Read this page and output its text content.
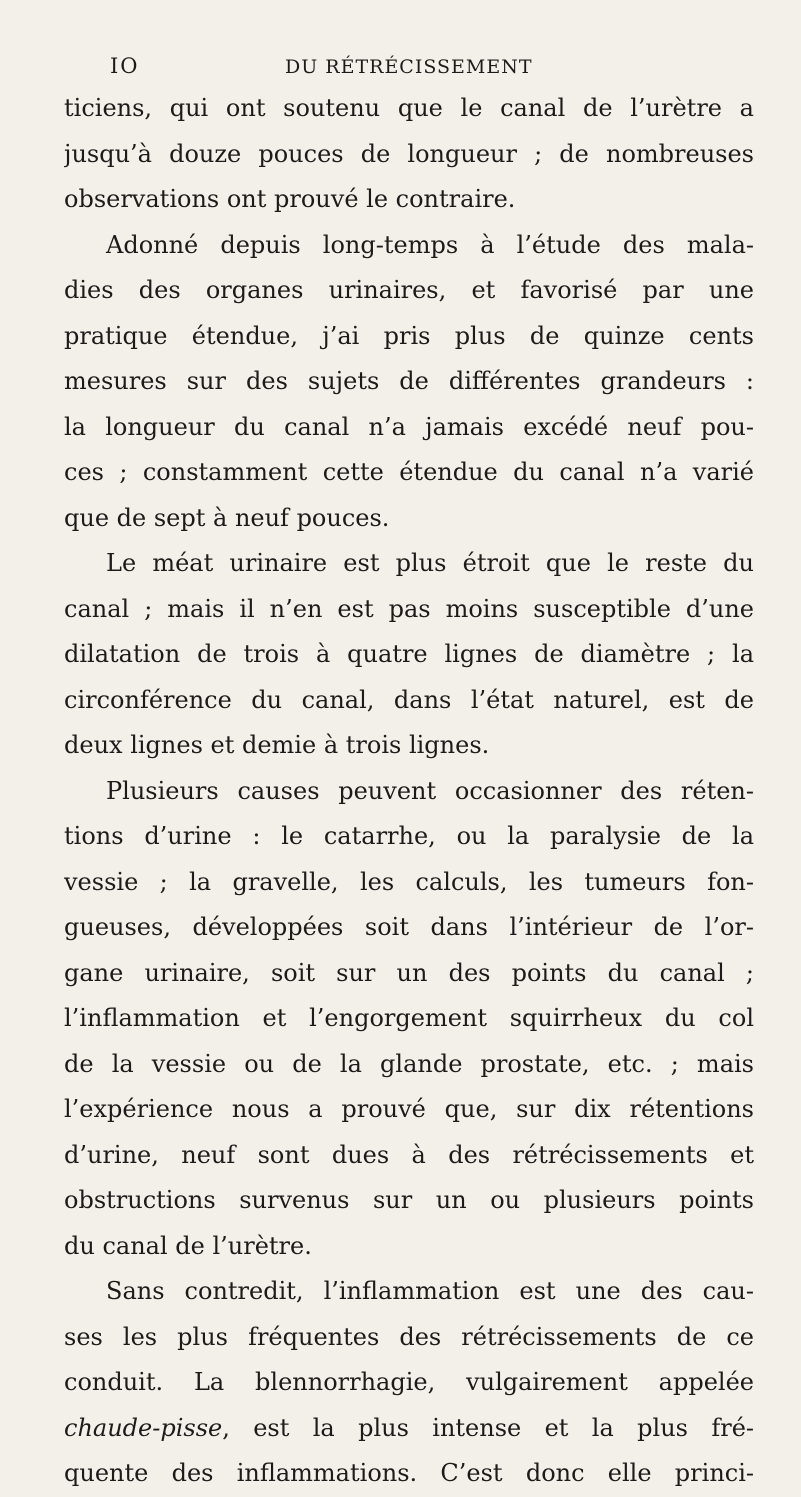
IO	DU RÉTRÉCISSEMENT
ticiens, qui ont soutenu que le canal de l’urètre a
jusqu’à douze pouces de longueur ; de nombreuses
observations ont prouvé le contraire.
Adonné depuis long-temps à l’étude des mala-
dies des organes urinaires, et favorisé par une
pratique étendue, j’ai pris plus de quinze cents
mesures sur des sujets de différentes grandeurs :
la longueur du canal n’a jamais excédé neuf pou-
ces ; constamment cette étendue du canal n’a varié
que de sept à neuf pouces.
Le méat urinaire est plus étroit que le reste du
canal ; mais il n’en est pas moins susceptible d’une
dilatation de trois à quatre lignes de diamètre ; la
circonférence du canal, dans l’état naturel, est de
deux lignes et demie à trois lignes.
Plusieurs causes peuvent occasionner des réten-
tions d’urine : le catarrhe, ou la paralysie de la
vessie ; la gravelle, les calculs, les tumeurs fon-
gueuses, développées soit dans l’intérieur de l’or-
gane urinaire, soit sur un des points du canal ;
l’inflammation et l’engorgement squirrheux du col
de la vessie ou de la glande prostate, etc. ; mais
l’expérience nous a prouvé que, sur dix rétentions
d’urine, neuf sont dues à des rétrécissements et
obstructions survenus sur un ou plusieurs points
du canal de l’urètre.
Sans contredit, l’inflammation est une des cau-
ses les plus fréquentes des rétrécissements de ce
conduit. La blennorrhagie, vulgairement appelée
chaude-pisse, est la plus intense et la plus fré-
quente des inflammations. C’est donc elle princi-
